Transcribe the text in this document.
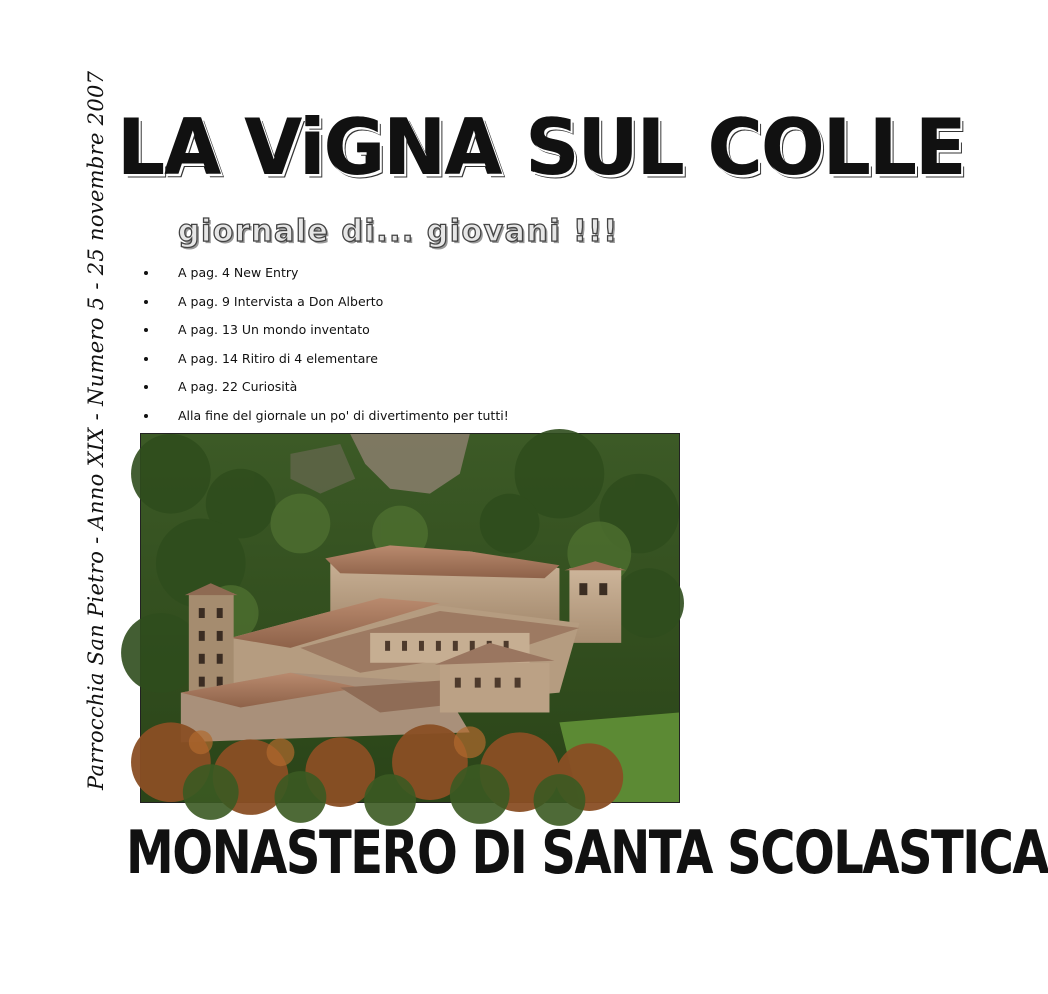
Parrocchia San Pietro - Anno XIX - Numero 5 - 25 novembre 2007 LA ViGNA SUL COLLE
giornale di... giovani !!!
A pag. 4 New Entry
A pag. 9 Intervista a Don Alberto
A pag. 13 Un mondo inventato
A pag. 14 Ritiro di 4 elementare
A pag. 22 Curiosità
Alla fine del giornale un po' di divertimento per tutti!
MONASTERO DI SANTA SCOLASTICA
